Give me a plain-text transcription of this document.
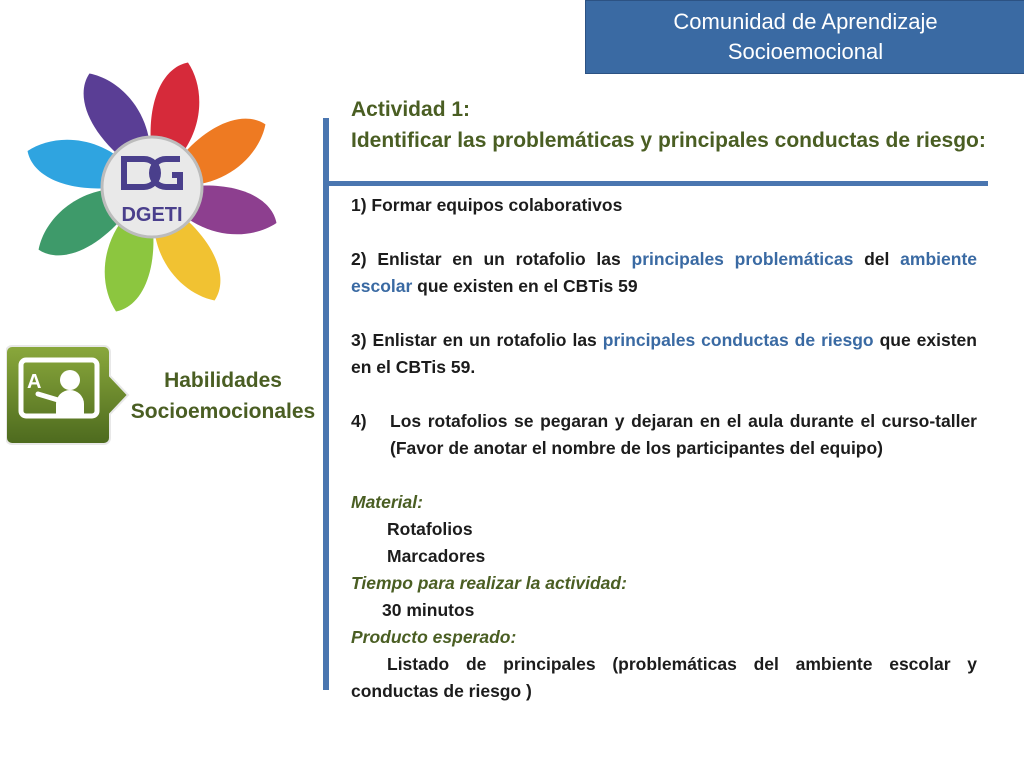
Comunidad de Aprendizaje
Socioemocional
DGETI
Actividad 1:
Identificar las problemáticas y principales conductas de riesgo:

1) Formar equipos colaborativos

2) Enlistar en un rotafolio las principales problemáticas del ambiente escolar que existen en el CBTis 59

3) Enlistar en un rotafolio las principales conductas de riesgo que existen en el CBTis 59.

4)	Los rotafolios se pegaran y dejaran en el aula durante el curso-taller (Favor de anotar el nombre de los participantes del equipo)

Material:

Rotafolios

Marcadores

Tiempo para realizar la actividad:

30 minutos

Producto esperado:

Listado de principales (problemáticas del ambiente escolar y conductas de riesgo )

A	Habilidades
Socioemocionales
